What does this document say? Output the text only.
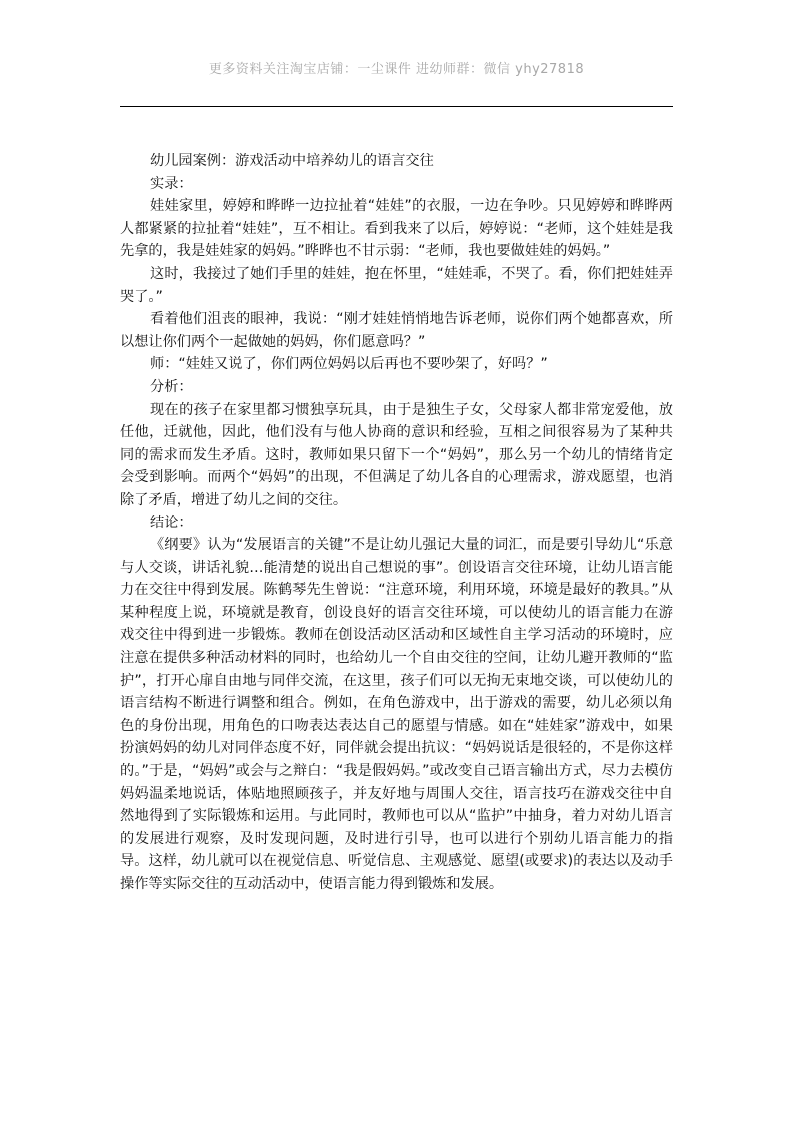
更多资料关注淘宝店铺：一尘课件 进幼师群：微信 yhy27818

幼儿园案例：游戏活动中培养幼儿的语言交往

实录：

娃娃家里，婷婷和晔晔一边拉扯着“娃娃”的衣服，一边在争吵。只见婷婷和晔晔两人都紧紧的拉扯着“娃娃”，互不相让。看到我来了以后，婷婷说：“老师，这个娃娃是我先拿的，我是娃娃家的妈妈。”晔晔也不甘示弱：“老师，我也要做娃娃的妈妈。”

这时，我接过了她们手里的娃娃，抱在怀里，“娃娃乖，不哭了。看，你们把娃娃弄哭了。”

看着他们沮丧的眼神，我说：“刚才娃娃悄悄地告诉老师，说你们两个她都喜欢，所以想让你们两个一起做她的妈妈，你们愿意吗？”

师：“娃娃又说了，你们两位妈妈以后再也不要吵架了，好吗？”

分析：

现在的孩子在家里都习惯独享玩具，由于是独生子女，父母家人都非常宠爱他，放任他，迁就他，因此，他们没有与他人协商的意识和经验，互相之间很容易为了某种共同的需求而发生矛盾。这时，教师如果只留下一个“妈妈”，那么另一个幼儿的情绪肯定会受到影响。而两个“妈妈”的出现，不但满足了幼儿各自的心理需求，游戏愿望，也消除了矛盾，增进了幼儿之间的交往。

结论：

《纲要》认为“发展语言的关键”不是让幼儿强记大量的词汇，而是要引导幼儿“乐意与人交谈，讲话礼貌…能清楚的说出自己想说的事”。创设语言交往环境，让幼儿语言能力在交往中得到发展。陈鹤琴先生曾说：“注意环境，利用环境，环境是最好的教具。”从某种程度上说，环境就是教育，创设良好的语言交往环境，可以使幼儿的语言能力在游戏交往中得到进一步锻炼。教师在创设活动区活动和区域性自主学习活动的环境时，应注意在提供多种活动材料的同时，也给幼儿一个自由交往的空间，让幼儿避开教师的“监护”，打开心扉自由地与同伴交流，在这里，孩子们可以无拘无束地交谈，可以使幼儿的语言结构不断进行调整和组合。例如，在角色游戏中，出于游戏的需要，幼儿必须以角色的身份出现，用角色的口吻表达表达自己的愿望与情感。如在“娃娃家”游戏中，如果扮演妈妈的幼儿对同伴态度不好，同伴就会提出抗议：“妈妈说话是很轻的，不是你这样的。”于是，“妈妈”或会与之辩白：“我是假妈妈。”或改变自己语言输出方式，尽力去模仿妈妈温柔地说话，体贴地照顾孩子，并友好地与周围人交往，语言技巧在游戏交往中自然地得到了实际锻炼和运用。与此同时，教师也可以从“监护”中抽身，着力对幼儿语言的发展进行观察，及时发现问题，及时进行引导，也可以进行个别幼儿语言能力的指导。这样，幼儿就可以在视觉信息、听觉信息、主观感觉、愿望(或要求)的表达以及动手操作等实际交往的互动活动中，使语言能力得到锻炼和发展。
